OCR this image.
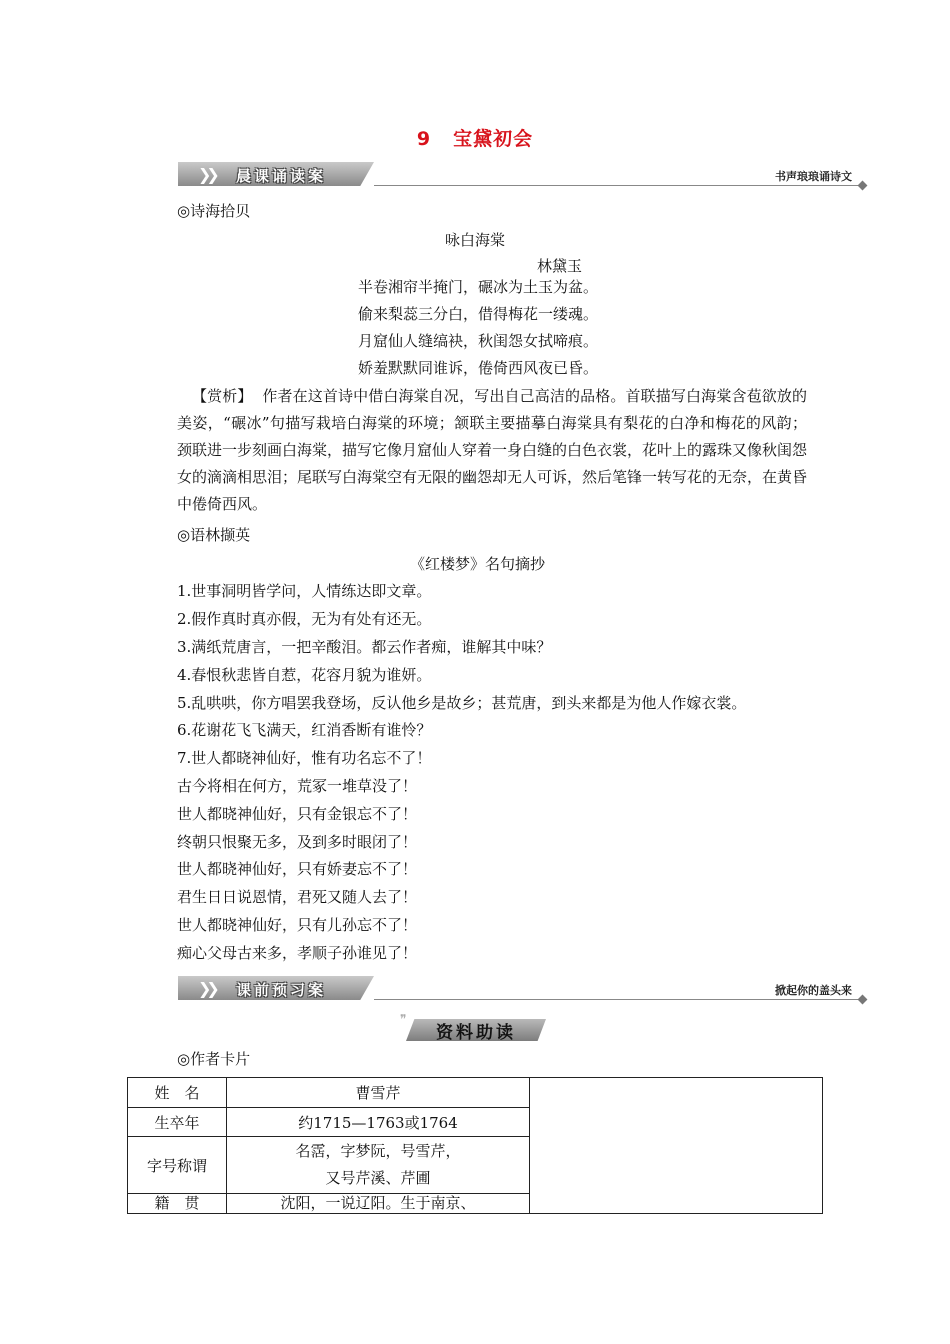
9 宝黛初会
❯❯ 晨课诵读案	书声琅琅诵诗文
◎诗海拾贝
咏白海棠
林黛玉
半卷湘帘半掩门，碾冰为土玉为盆。
偷来梨蕊三分白，借得梅花一缕魂。
月窟仙人缝缟袂，秋闺怨女拭啼痕。
娇羞默默同谁诉，倦倚西风夜已昏。
【赏析】 作者在这首诗中借白海棠自况，写出自己高洁的品格。首联描写白海棠含苞欲放的美姿，“碾冰”句描写栽培白海棠的环境；颔联主要描摹白海棠具有梨花的白净和梅花的风韵；颈联进一步刻画白海棠，描写它像月窟仙人穿着一身白缝的白色衣裳，花叶上的露珠又像秋闺怨女的滴滴相思泪；尾联写白海棠空有无限的幽怨却无人可诉，然后笔锋一转写花的无奈，在黄昏中倦倚西风。
◎语林撷英
《红楼梦》名句摘抄
1.世事洞明皆学问，人情练达即文章。
2.假作真时真亦假，无为有处有还无。
3.满纸荒唐言，一把辛酸泪。都云作者痴，谁解其中味？
4.春恨秋悲皆自惹，花容月貌为谁妍。
5.乱哄哄，你方唱罢我登场，反认他乡是故乡；甚荒唐，到头来都是为他人作嫁衣裳。
6.花谢花飞飞满天，红消香断有谁怜？
7.世人都晓神仙好，惟有功名忘不了！
古今将相在何方，荒冢一堆草没了！
世人都晓神仙好，只有金银忘不了！
终朝只恨聚无多，及到多时眼闭了！
世人都晓神仙好，只有娇妻忘不了！
君生日日说恩情，君死又随人去了！
世人都晓神仙好，只有儿孙忘不了！
痴心父母古来多，孝顺子孙谁见了！
❯❯ 课前预习案	掀起你的盖头来
❞
资料助读
◎作者卡片
姓　名	曹雪芹	
生卒年	约1715—1763或1764	
字号称谓	名霑，字梦阮，号雪芹，
又号芹溪、芹圃	

籍　贯	沈阳，一说辽阳。生于南京、	
